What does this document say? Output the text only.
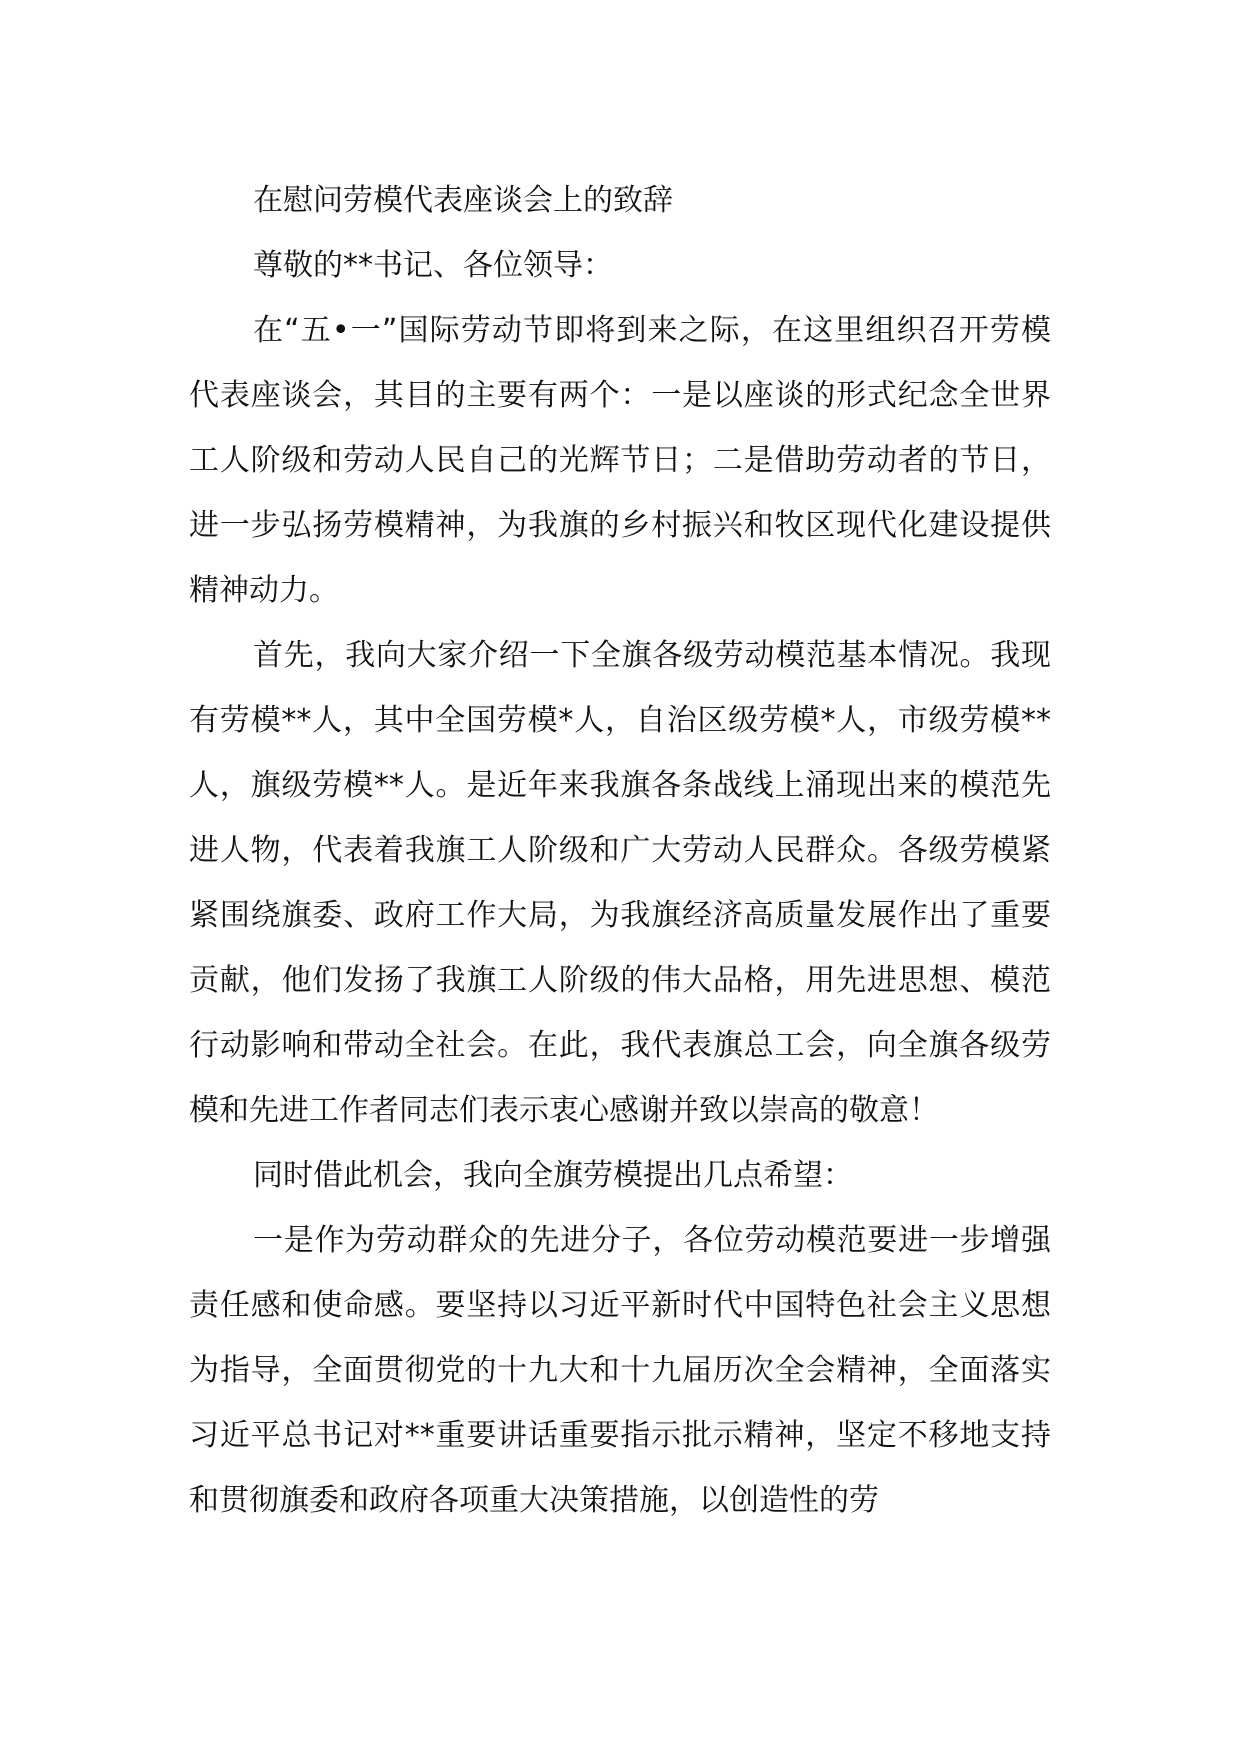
在慰问劳模代表座谈会上的致辞

尊敬的**书记、各位领导：

在“五•一”国际劳动节即将到来之际，在这里组织召开劳模代表座谈会，其目的主要有两个：一是以座谈的形式纪念全世界工人阶级和劳动人民自己的光辉节日；二是借助劳动者的节日，进一步弘扬劳模精神，为我旗的乡村振兴和牧区现代化建设提供精神动力。

首先，我向大家介绍一下全旗各级劳动模范基本情况。我现有劳模**人，其中全国劳模*人，自治区级劳模*人，市级劳模**人，旗级劳模**人。是近年来我旗各条战线上涌现出来的模范先进人物，代表着我旗工人阶级和广大劳动人民群众。各级劳模紧紧围绕旗委、政府工作大局，为我旗经济高质量发展作出了重要贡献，他们发扬了我旗工人阶级的伟大品格，用先进思想、模范行动影响和带动全社会。在此，我代表旗总工会，向全旗各级劳模和先进工作者同志们表示衷心感谢并致以崇高的敬意！

同时借此机会，我向全旗劳模提出几点希望：

一是作为劳动群众的先进分子，各位劳动模范要进一步增强责任感和使命感。要坚持以习近平新时代中国特色社会主义思想为指导，全面贯彻党的十九大和十九届历次全会精神，全面落实习近平总书记对**重要讲话重要指示批示精神，坚定不移地支持和贯彻旗委和政府各项重大决策措施，以创造性的劳
